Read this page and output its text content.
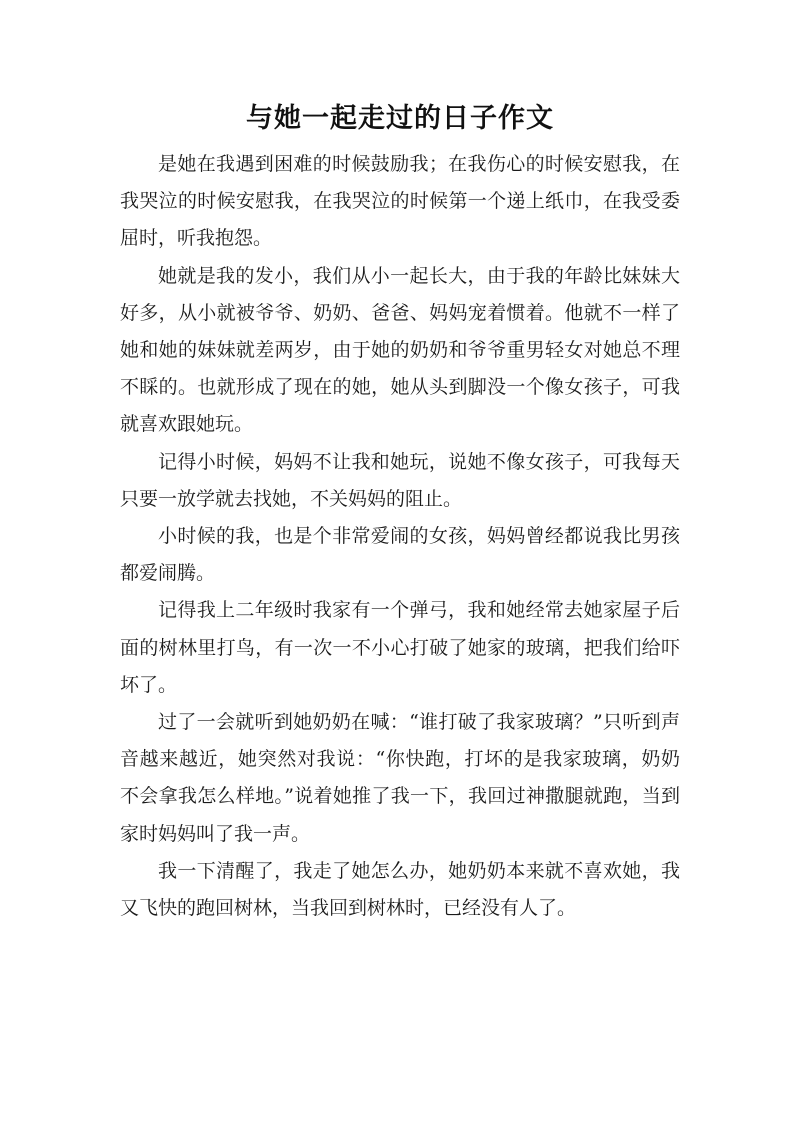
与她一起走过的日子作文

是她在我遇到困难的时候鼓励我；在我伤心的时候安慰我，在我哭泣的时候安慰我，在我哭泣的时候第一个递上纸巾，在我受委屈时，听我抱怨。

她就是我的发小，我们从小一起长大，由于我的年龄比妹妹大好多，从小就被爷爷、奶奶、爸爸、妈妈宠着惯着。他就不一样了她和她的妹妹就差两岁，由于她的奶奶和爷爷重男轻女对她总不理不睬的。也就形成了现在的她，她从头到脚没一个像女孩子，可我就喜欢跟她玩。

记得小时候，妈妈不让我和她玩，说她不像女孩子，可我每天只要一放学就去找她，不关妈妈的阻止。

小时候的我，也是个非常爱闹的女孩，妈妈曾经都说我比男孩都爱闹腾。

记得我上二年级时我家有一个弹弓，我和她经常去她家屋子后面的树林里打鸟，有一次一不小心打破了她家的玻璃，把我们给吓坏了。

过了一会就听到她奶奶在喊：“谁打破了我家玻璃？”只听到声音越来越近，她突然对我说：“你快跑，打坏的是我家玻璃，奶奶不会拿我怎么样地。”说着她推了我一下，我回过神撒腿就跑，当到家时妈妈叫了我一声。

我一下清醒了，我走了她怎么办，她奶奶本来就不喜欢她，我又飞快的跑回树林，当我回到树林时，已经没有人了。
